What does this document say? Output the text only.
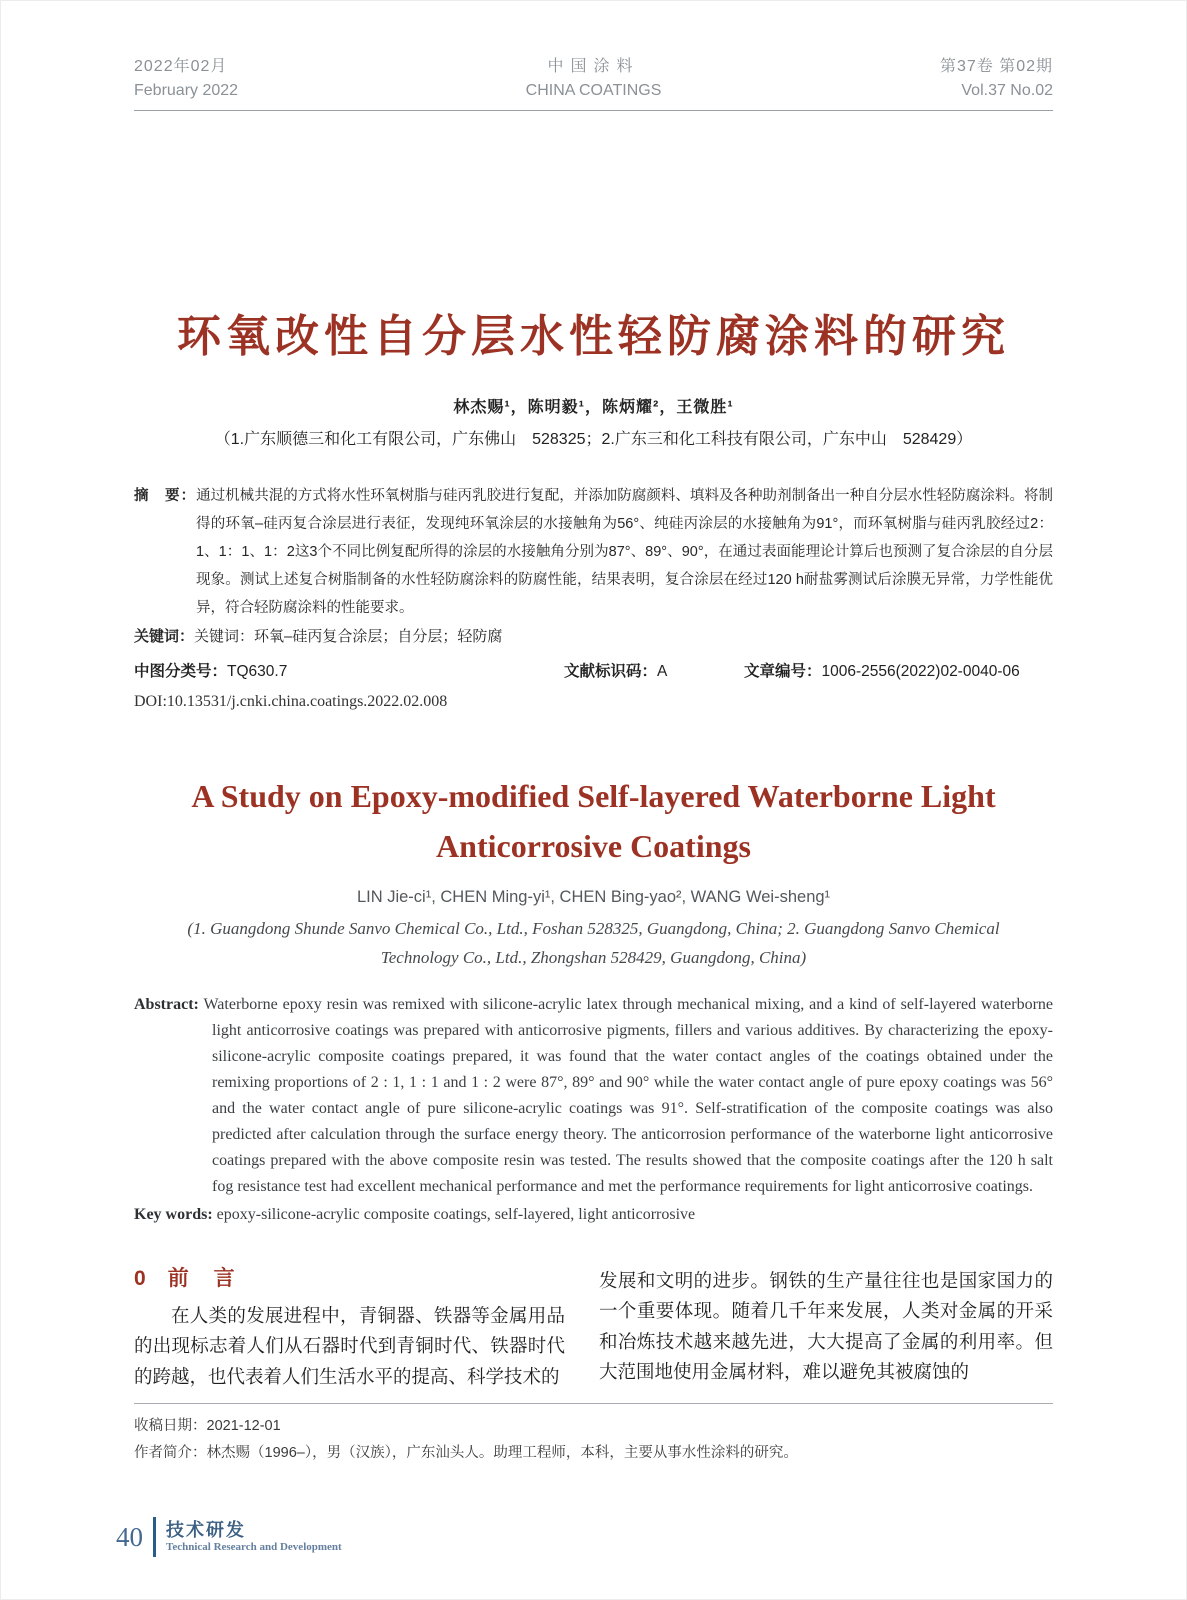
2022年02月
February 2022
中国涂料
CHINA COATINGS
第37卷 第02期
Vol.37 No.02
环氧改性自分层水性轻防腐涂料的研究
林杰赐¹，陈明毅¹，陈炳耀²，王微胜¹
（1.广东顺德三和化工有限公司，广东佛山　528325；2.广东三和化工科技有限公司，广东中山　528429）
摘　要：通过机械共混的方式将水性环氧树脂与硅丙乳胶进行复配，并添加防腐颜料、填料及各种助剂制备出一种自分层水性轻防腐涂料。将制得的环氧–硅丙复合涂层进行表征，发现纯环氧涂层的水接触角为56°、纯硅丙涂层的水接触角为91°，而环氧树脂与硅丙乳胶经过2：1、1：1、1：2这3个不同比例复配所得的涂层的水接触角分别为87°、89°、90°，在通过表面能理论计算后也预测了复合涂层的自分层现象。测试上述复合树脂制备的水性轻防腐涂料的防腐性能，结果表明，复合涂层在经过120 h耐盐雾测试后涂膜无异常，力学性能优异，符合轻防腐涂料的性能要求。
关键词：关键词：环氧–硅丙复合涂层；自分层；轻防腐
中图分类号：TQ630.7	文献标识码：A	文章编号：1006-2556(2022)02-0040-06
DOI:10.13531/j.cnki.china.coatings.2022.02.008
A Study on Epoxy-modified Self-layered Waterborne Light
Anticorrosive Coatings
LIN Jie-ci¹, CHEN Ming-yi¹, CHEN Bing-yao², WANG Wei-sheng¹
(1. Guangdong Shunde Sanvo Chemical Co., Ltd., Foshan 528325, Guangdong, China; 2. Guangdong Sanvo Chemical
Technology Co., Ltd., Zhongshan 528429, Guangdong, China)
Abstract: Waterborne epoxy resin was remixed with silicone-acrylic latex through mechanical mixing, and a kind of self-layered waterborne light anticorrosive coatings was prepared with anticorrosive pigments, fillers and various additives. By characterizing the epoxy-silicone-acrylic composite coatings prepared, it was found that the water contact angles of the coatings obtained under the remixing proportions of 2 : 1, 1 : 1 and 1 : 2 were 87°, 89° and 90° while the water contact angle of pure epoxy coatings was 56° and the water contact angle of pure silicone-acrylic coatings was 91°. Self-stratification of the composite coatings was also predicted after calculation through the surface energy theory. The anticorrosion performance of the waterborne light anticorrosive coatings prepared with the above composite resin was tested. The results showed that the composite coatings after the 120 h salt fog resistance test had excellent mechanical performance and met the performance requirements for light anticorrosive coatings.
Key words: epoxy-silicone-acrylic composite coatings, self-layered, light anticorrosive
0 前　言

在人类的发展进程中，青铜器、铁器等金属用品的出现标志着人们从石器时代到青铜时代、铁器时代的跨越，也代表着人们生活水平的提高、科学技术的

发展和文明的进步。钢铁的生产量往往也是国家国力的一个重要体现。随着几千年来发展，人类对金属的开采和冶炼技术越来越先进，大大提高了金属的利用率。但大范围地使用金属材料，难以避免其被腐蚀的

收稿日期：2021-12-01
作者简介：林杰赐（1996–），男（汉族），广东汕头人。助理工程师，本科，主要从事水性涂料的研究。
40 技术研发
Technical Research and Development
